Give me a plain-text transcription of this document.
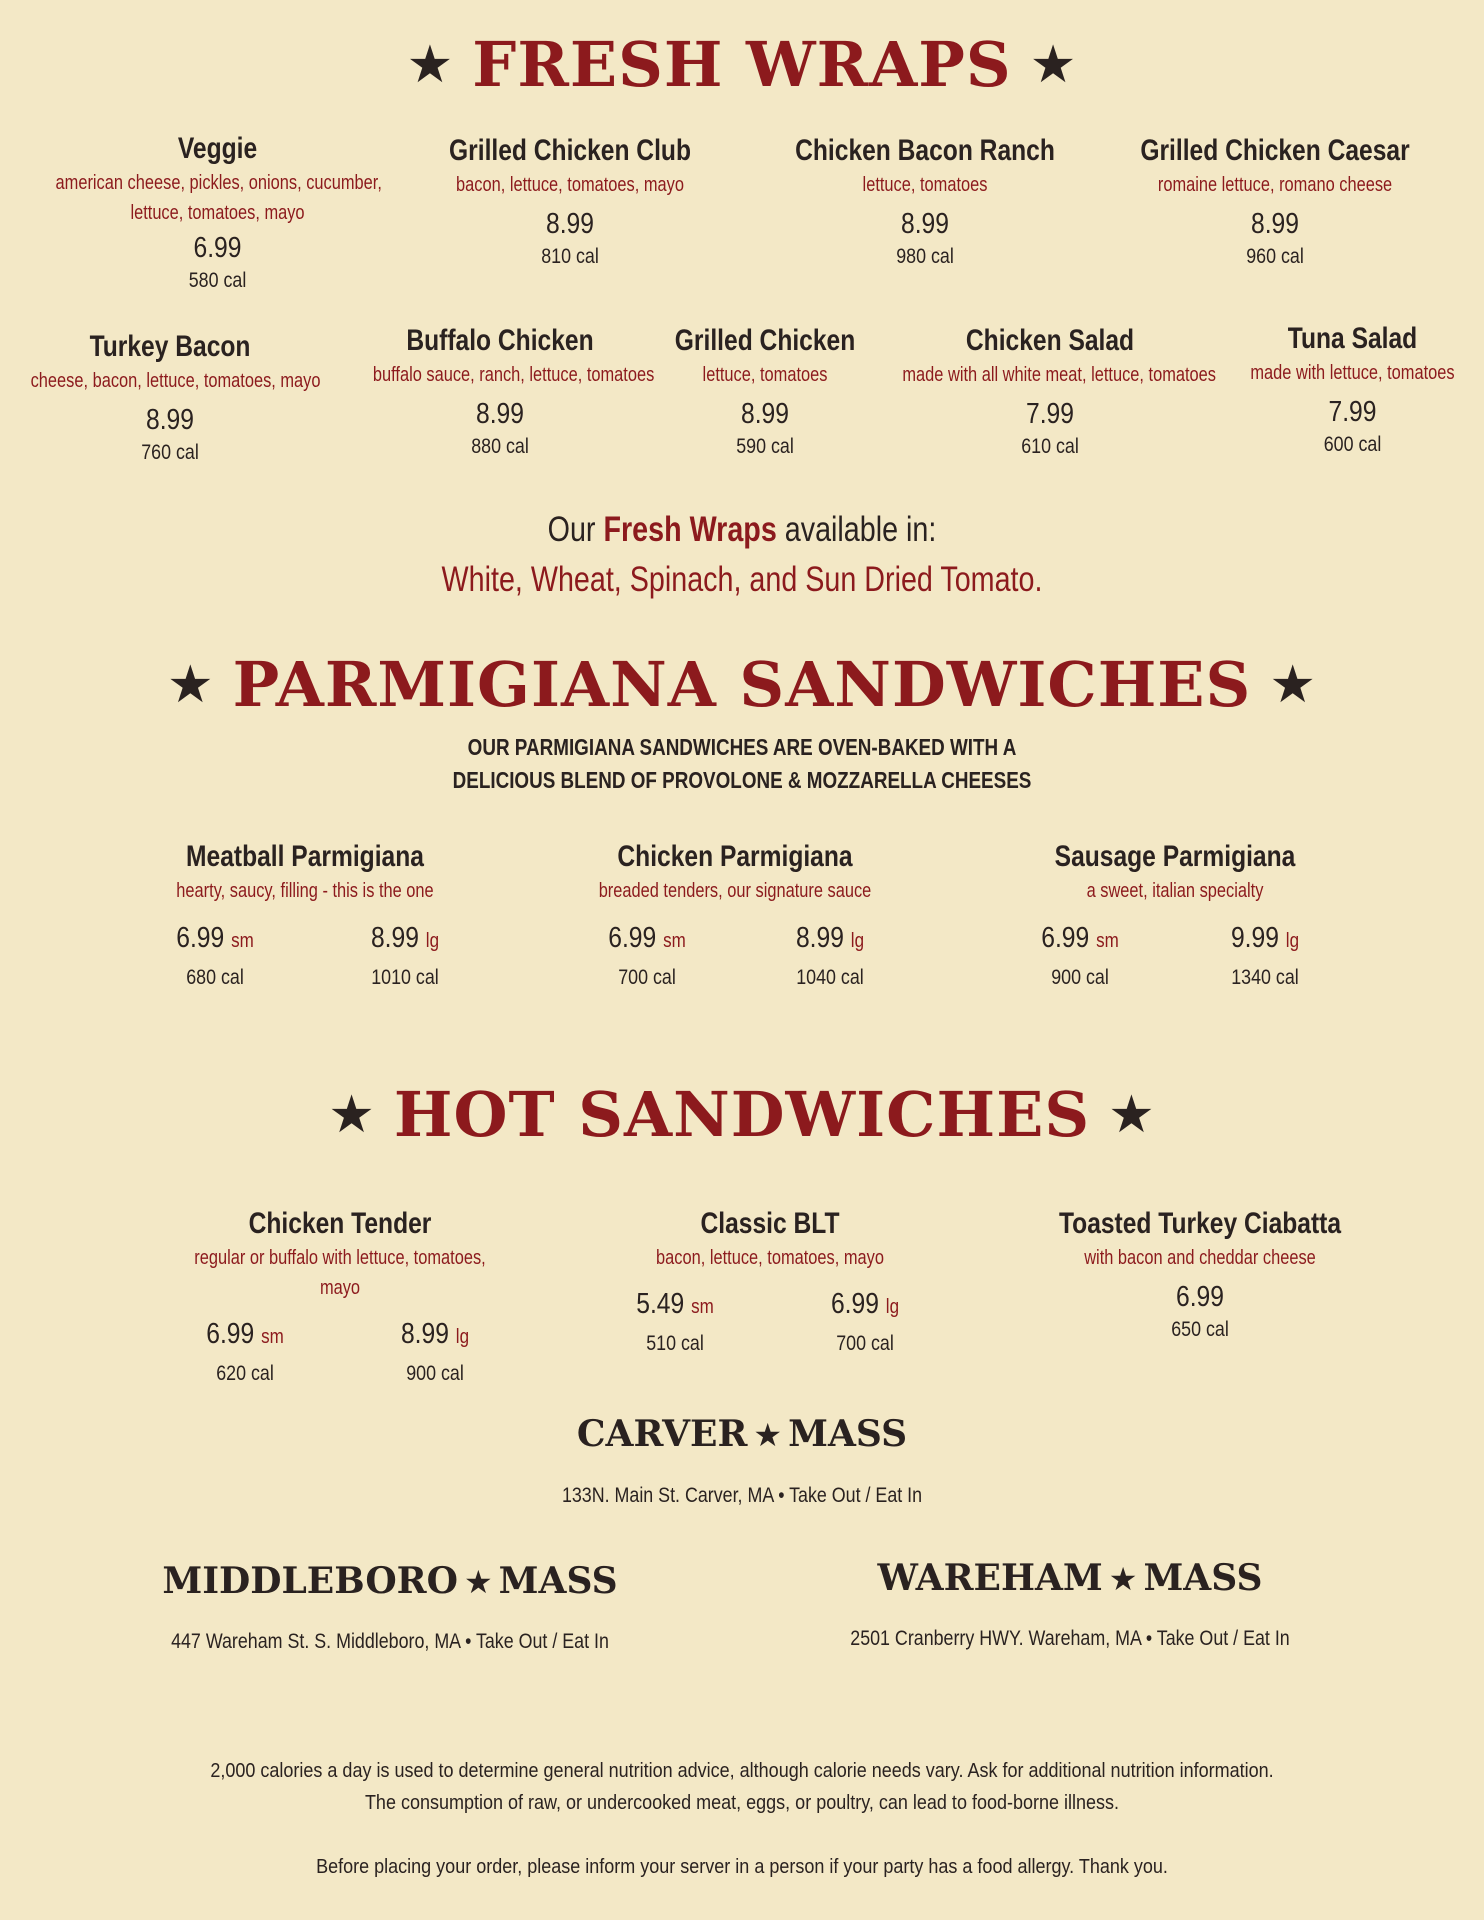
★ FRESH WRAPS ★
Veggie
american cheese, pickles, onions, cucumber,
lettuce, tomatoes, mayo
6.99
580 cal
Grilled Chicken Club
bacon, lettuce, tomatoes, mayo
8.99
810 cal
Chicken Bacon Ranch
lettuce, tomatoes
8.99
980 cal
Grilled Chicken Caesar
romaine lettuce, romano cheese
8.99
960 cal
Turkey Bacon
cheese, bacon, lettuce, tomatoes, mayo
8.99
760 cal
Buffalo Chicken
buffalo sauce, ranch, lettuce, tomatoes
8.99
880 cal
Grilled Chicken
lettuce, tomatoes
8.99
590 cal
Chicken Salad
made with all white meat, lettuce, tomatoes
7.99
610 cal
Tuna Salad
made with lettuce, tomatoes
7.99
600 cal
Our Fresh Wraps available in:
White, Wheat, Spinach, and Sun Dried Tomato.
★ PARMIGIANA SANDWICHES ★
OUR PARMIGIANA SANDWICHES ARE OVEN-BAKED WITH A
DELICIOUS BLEND OF PROVOLONE & MOZZARELLA CHEESES
Meatball Parmigiana
hearty, saucy, filling - this is the one
6.99 sm
680 cal
8.99 lg
1010 cal
Chicken Parmigiana
breaded tenders, our signature sauce
6.99 sm
700 cal
8.99 lg
1040 cal
Sausage Parmigiana
a sweet, italian specialty
6.99 sm
900 cal
9.99 lg
1340 cal
★ HOT SANDWICHES ★
Chicken Tender
regular or buffalo with lettuce, tomatoes,
mayo
6.99 sm
620 cal
8.99 lg
900 cal
Classic BLT
bacon, lettuce, tomatoes, mayo
5.49 sm
510 cal
6.99 lg
700 cal
Toasted Turkey Ciabatta
with bacon and cheddar cheese
6.99
650 cal
CARVER ★ MASS
133N. Main St. Carver, MA • Take Out / Eat In
MIDDLEBORO ★ MASS
447 Wareham St. S. Middleboro, MA • Take Out / Eat In
WAREHAM ★ MASS
2501 Cranberry HWY. Wareham, MA • Take Out / Eat In
2,000 calories a day is used to determine general nutrition advice, although calorie needs vary. Ask for additional nutrition information.
The consumption of raw, or undercooked meat, eggs, or poultry, can lead to food-borne illness.
Before placing your order, please inform your server in a person if your party has a food allergy. Thank you.
